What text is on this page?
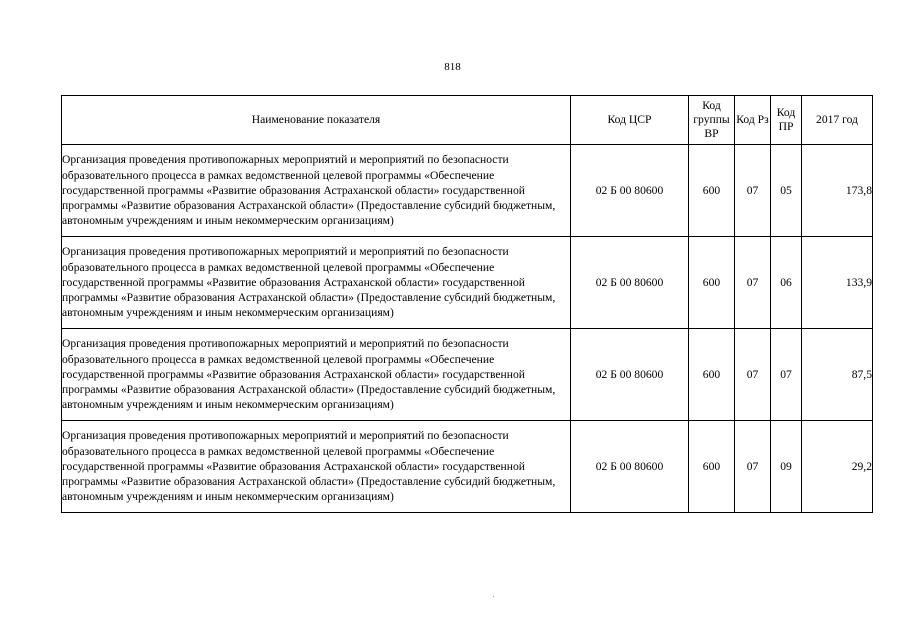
818
Наименование показателя	Код ЦСР	Код группы ВР	Код Рз	Код ПР	2017 год
Организация проведения противопожарных мероприятий и мероприятий по безопасности образовательного процесса в рамках ведомственной целевой программы «Обеспечение государственной программы «Развитие образования Астраханской области» государственной программы «Развитие образования Астраханской области» (Предоставление субсидий бюджетным, автономным учреждениям и иным некоммерческим организациям)	02 Б 00 80600	600	07	05	173,8
Организация проведения противопожарных мероприятий и мероприятий по безопасности образовательного процесса в рамках ведомственной целевой программы «Обеспечение государственной программы «Развитие образования Астраханской области» государственной программы «Развитие образования Астраханской области» (Предоставление субсидий бюджетным, автономным учреждениям и иным некоммерческим организациям)	02 Б 00 80600	600	07	06	133,9
Организация проведения противопожарных мероприятий и мероприятий по безопасности образовательного процесса в рамках ведомственной целевой программы «Обеспечение государственной программы «Развитие образования Астраханской области» государственной программы «Развитие образования Астраханской области» (Предоставление субсидий бюджетным, автономным учреждениям и иным некоммерческим организациям)	02 Б 00 80600	600	07	07	87,5
Организация проведения противопожарных мероприятий и мероприятий по безопасности образовательного процесса в рамках ведомственной целевой программы «Обеспечение государственной программы «Развитие образования Астраханской области» государственной программы «Развитие образования Астраханской области» (Предоставление субсидий бюджетным, автономным учреждениям и иным некоммерческим организациям)	02 Б 00 80600	600	07	09	29,2
